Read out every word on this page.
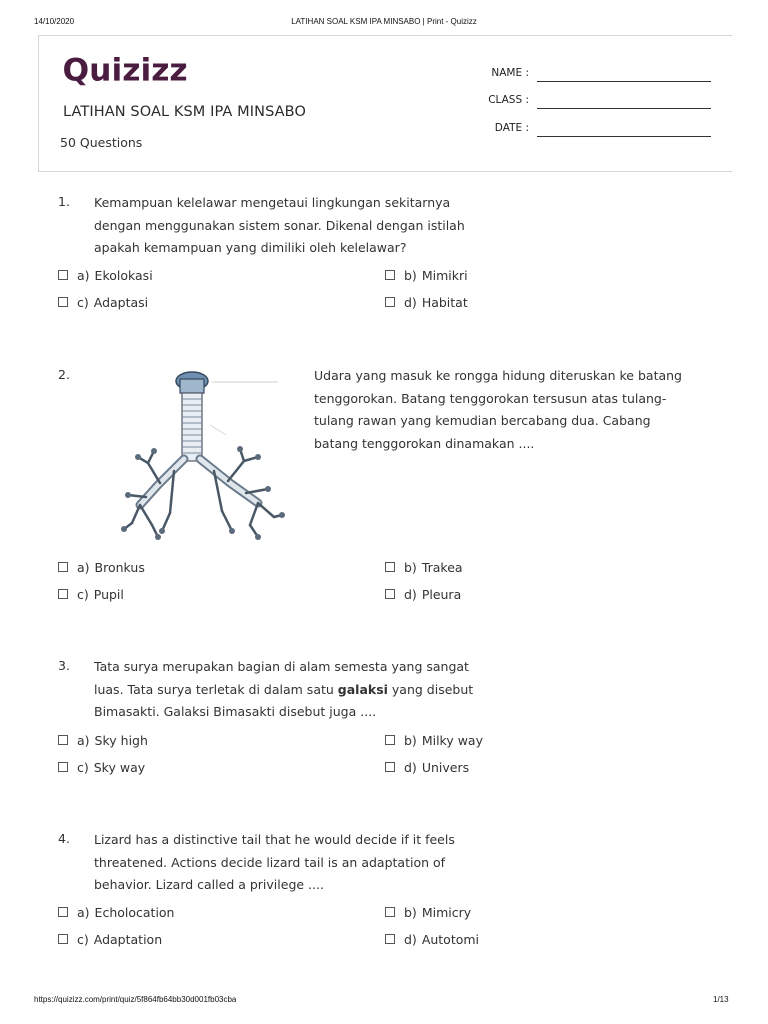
14/10/2020	LATIHAN SOAL KSM IPA MINSABO | Print - Quizizz
Quizizz
LATIHAN SOAL KSM IPA MINSABO
50 Questions
NAME :
CLASS :
DATE :
1. Kemampuan kelelawar mengetaui lingkungan sekitarnya
dengan menggunakan sistem sonar. Dikenal dengan istilah
apakah kemampuan yang dimiliki oleh kelelawar?
a) Ekolokasi	b) Mimikri
c) Adaptasi	d) Habitat
2.	Udara yang masuk ke rongga hidung diteruskan ke batang
tenggorokan. Batang tenggorokan tersusun atas tulang-
tulang rawan yang kemudian bercabang dua. Cabang
batang tenggorokan dinamakan ....
a) Bronkus	b) Trakea
c) Pupil	d) Pleura
3. Tata surya merupakan bagian di alam semesta yang sangat
luas. Tata surya terletak di dalam satu galaksi yang disebut
Bimasakti. Galaksi Bimasakti disebut juga ....
a) Sky high	b) Milky way
c) Sky way	d) Univers
4. Lizard has a distinctive tail that he would decide if it feels
threatened. Actions decide lizard tail is an adaptation of
behavior. Lizard called a privilege ....
a) Echolocation	b) Mimicry
c) Adaptation	d) Autotomi
https://quizizz.com/print/quiz/5f864fb64bb30d001fb03cba	1/13
